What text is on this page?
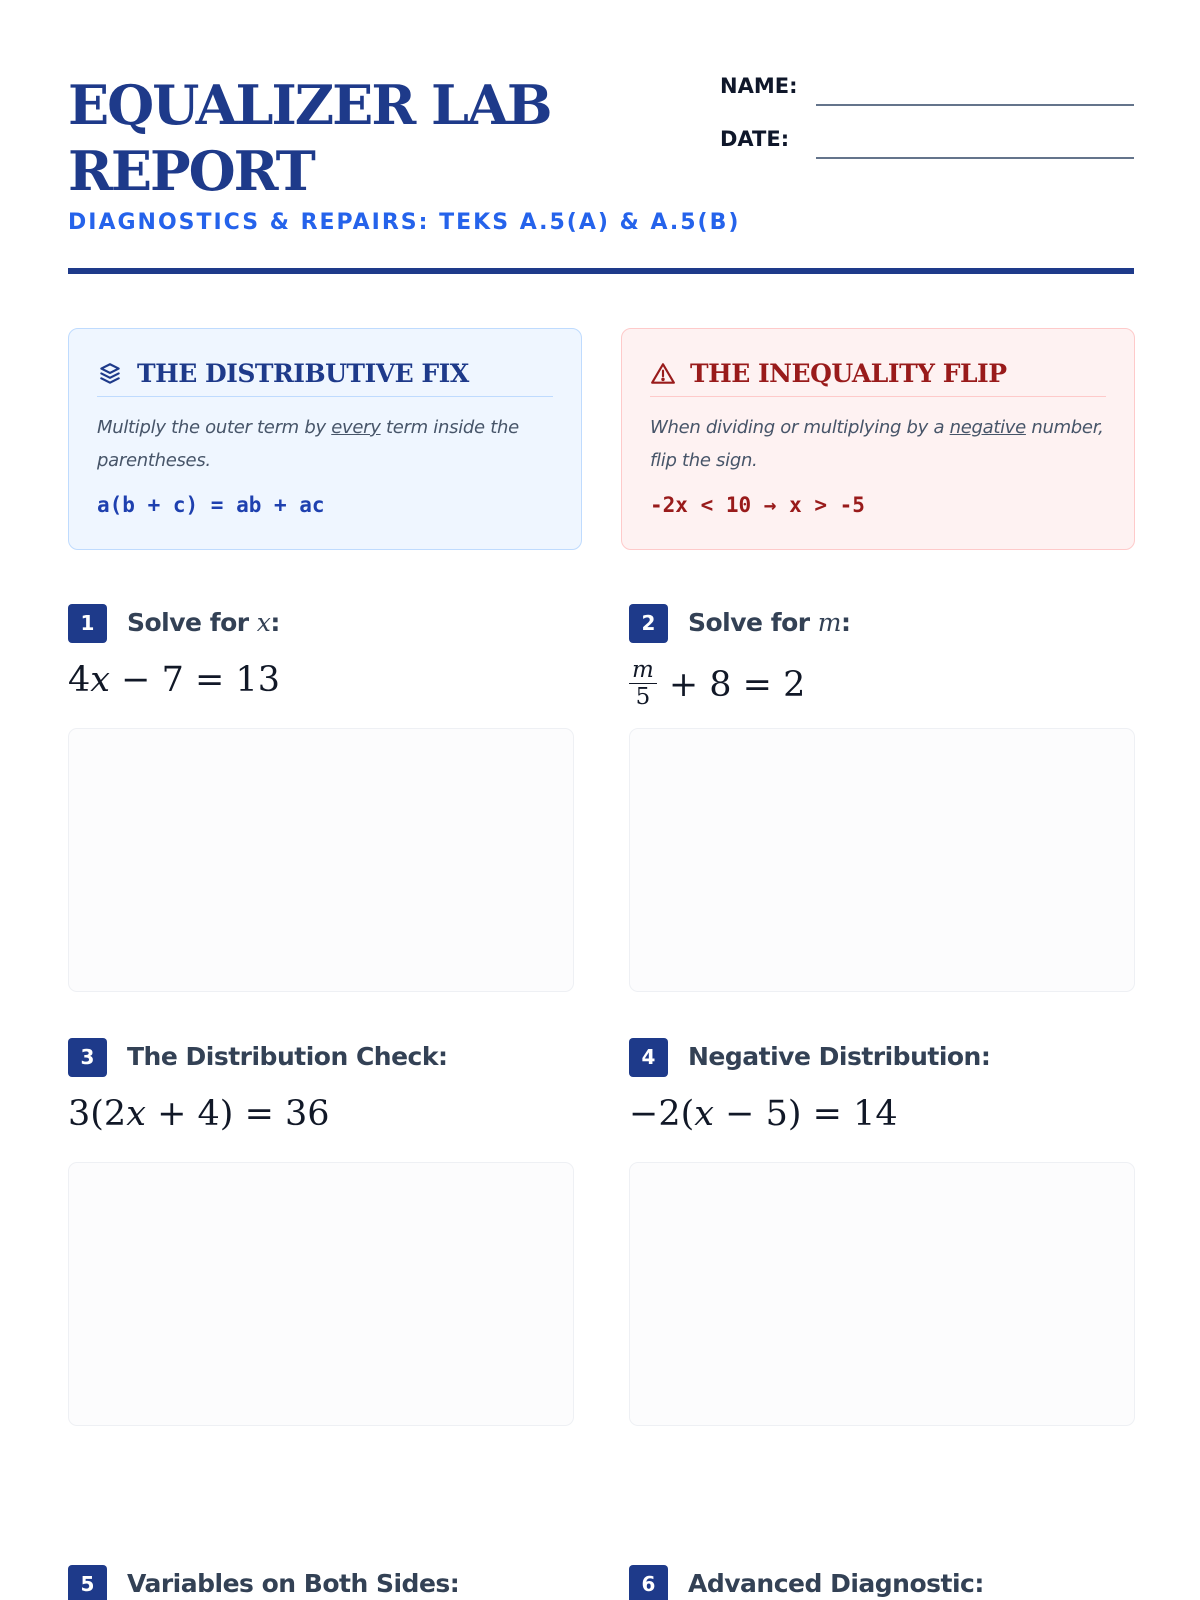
EQUALIZER LAB
REPORT
DIAGNOSTICS & REPAIRS: TEKS A.5(A) & A.5(B)
NAME:
DATE:
THE DISTRIBUTIVE FIX
Multiply the outer term by every term inside the parentheses.
a(b + c) = ab + ac
THE INEQUALITY FLIP
When dividing or multiplying by a negative number, flip the sign.
-2x < 10 → x > -5
1	Solve for x:
4x − 7 = 13
2	Solve for m:
$\frac{m}{5} + 8 = 2$
3	The Distribution Check:
3(2x + 4) = 36
4	Negative Distribution:
−2(x − 5) = 14
5	Variables on Both Sides:	6	Advanced Diagnostic:
